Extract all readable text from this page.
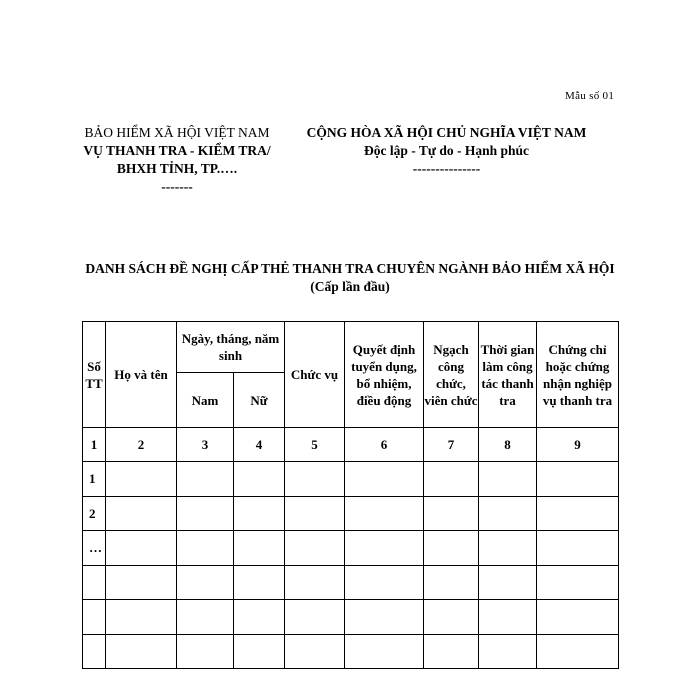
Mẫu số 01
BẢO HIỂM XÃ HỘI VIỆT NAM
VỤ THANH TRA - KIỂM TRA/ BHXH TỈNH, TP.….
-------
CỘNG HÒA XÃ HỘI CHỦ NGHĨA VIỆT NAM
Độc lập - Tự do - Hạnh phúc
---------------
DANH SÁCH ĐỀ NGHỊ CẤP THẺ THANH TRA CHUYÊN NGÀNH BẢO HIỂM XÃ HỘI
(Cấp lần đầu)
Số TT	Họ và tên	Ngày, tháng, năm sinh		Chức vụ	Quyết định tuyển dụng, bổ nhiệm, điều động	Ngạch công chức, viên chức	Thời gian làm công tác thanh tra	Chứng chỉ hoặc chứng nhận nghiệp vụ thanh tra
		Nam	Nữ					
1	2	3	4	5	6	7	8	9
1								
2								
…								
